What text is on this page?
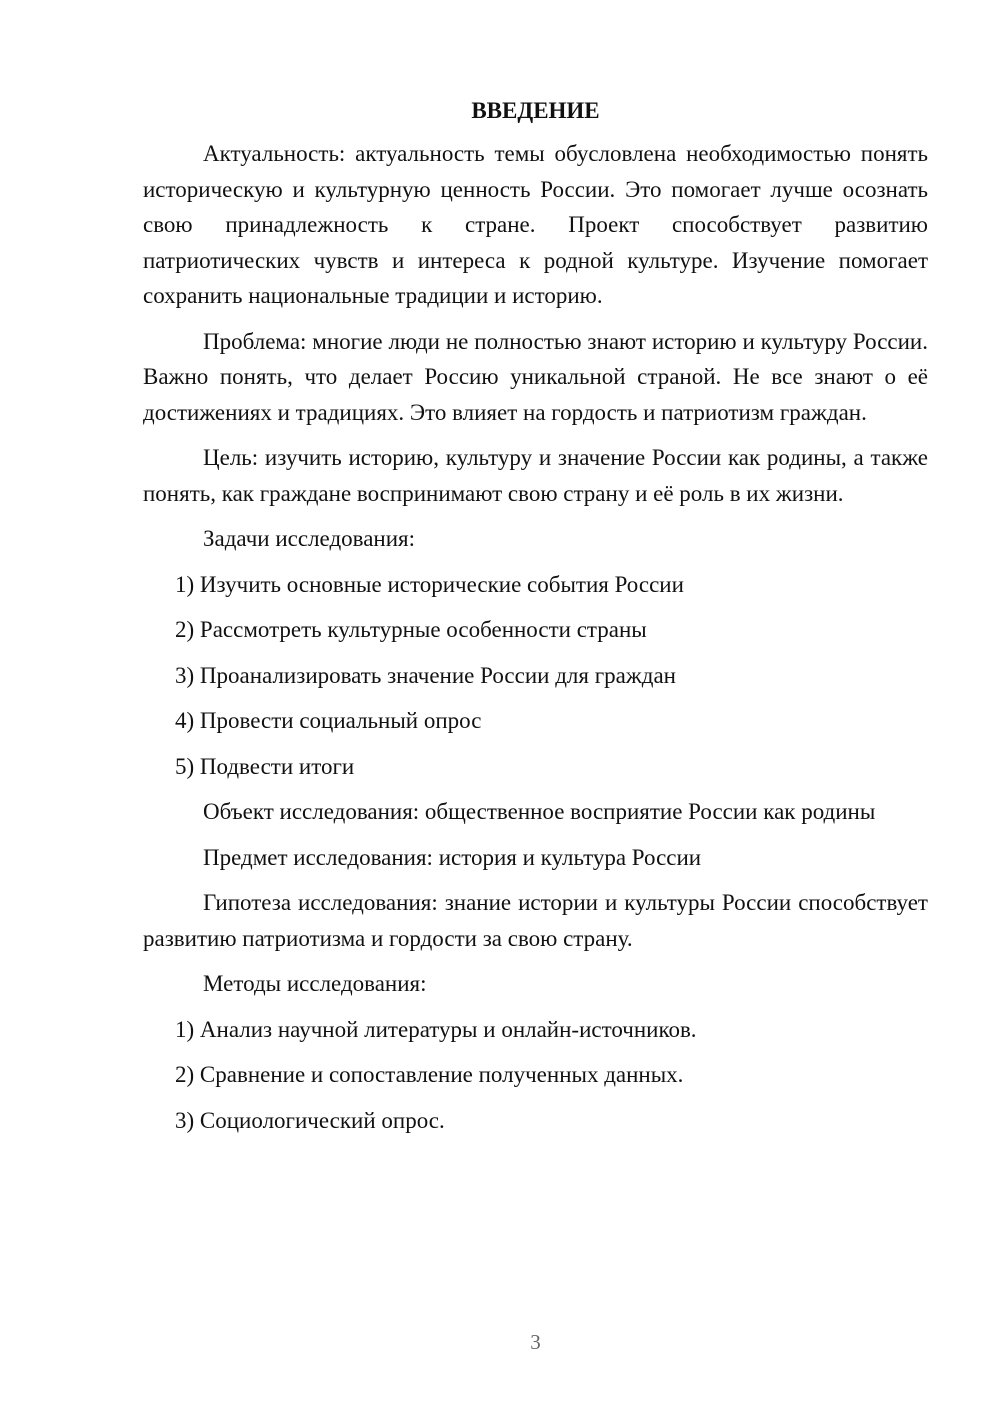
ВВЕДЕНИЕ

Актуальность: актуальность темы обусловлена необходимостью понять историческую и культурную ценность России. Это помогает лучше осознать свою принадлежность к стране. Проект способствует развитию патриотических чувств и интереса к родной культуре. Изучение помогает сохранить национальные традиции и историю.

Проблема: многие люди не полностью знают историю и культуру России. Важно понять, что делает Россию уникальной страной. Не все знают о её достижениях и традициях. Это влияет на гордость и патриотизм граждан.

Цель: изучить историю, культуру и значение России как родины, а также понять, как граждане воспринимают свою страну и её роль в их жизни.

Задачи исследования:
1) Изучить основные исторические события России
2) Рассмотреть культурные особенности страны
3) Проанализировать значение России для граждан
4) Провести социальный опрос
5) Подвести итоги
Объект исследования: общественное восприятие России как родины
Предмет исследования: история и культура России

Гипотеза исследования: знание истории и культуры России способствует развитию патриотизма и гордости за свою страну.

Методы исследования:
1) Анализ научной литературы и онлайн-источников.
2) Сравнение и сопоставление полученных данных.
3) Социологический опрос.
3
